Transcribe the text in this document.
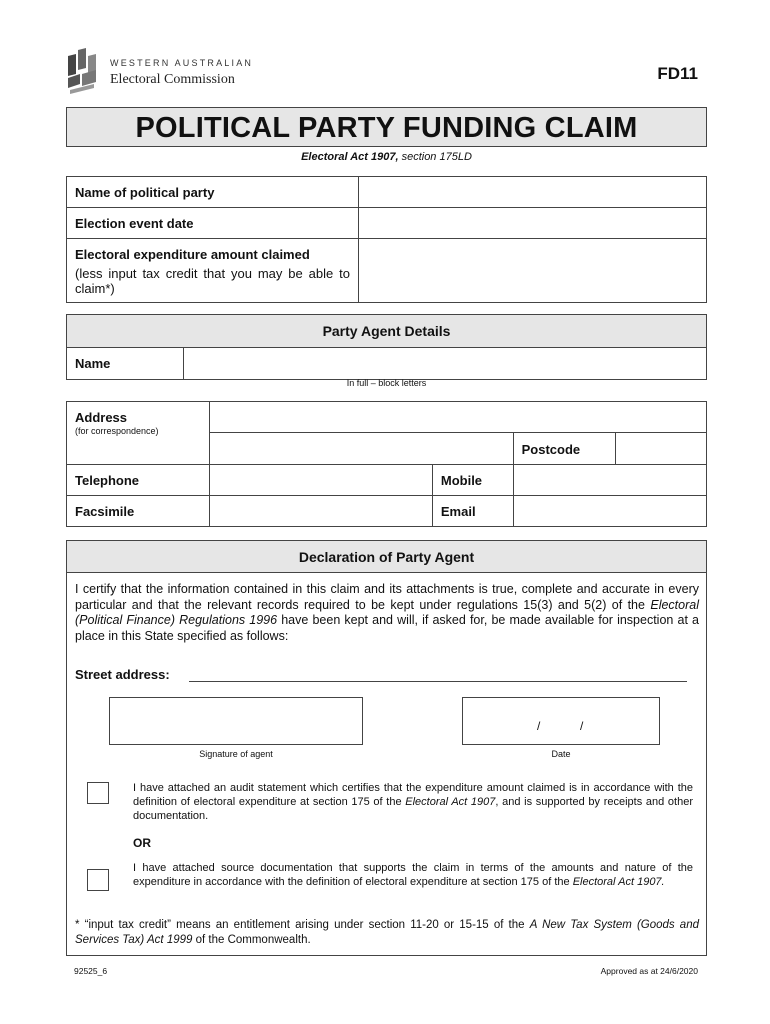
WESTERN AUSTRALIAN
Electoral Commission	FD11
POLITICAL PARTY FUNDING CLAIM
Electoral Act 1907, section 175LD
Name of political party	
Election event date	

Electoral expenditure amount claimed
(less input tax credit that you may be able to claim*)	

Party Agent Details
Name	
In full – block letters
Address
(for correspondence)				

			Postcode	
Telephone		Mobile		
Facsimile		Email		
Declaration of Party Agent
I certify that the information contained in this claim and its attachments is true, complete and accurate in every particular and that the relevant records required to be kept under regulations 15(3) and 5(2) of the Electoral (Political Finance) Regulations 1996 have been kept and will, if asked for, be made available for inspection at a place in this State specified as follows:
Street address:
/	/
Signature of agent	Date
I have attached an audit statement which certifies that the expenditure amount claimed is in accordance with the definition of electoral expenditure at section 175 of the Electoral Act 1907, and is supported by receipts and other documentation.
OR
I have attached source documentation that supports the claim in terms of the amounts and nature of the expenditure in accordance with the definition of electoral expenditure at section 175 of the Electoral Act 1907.
* “input tax credit” means an entitlement arising under section 11-20 or 15-15 of the A New Tax System (Goods and Services Tax) Act 1999 of the Commonwealth.
92525_6	Approved as at 24/6/2020
